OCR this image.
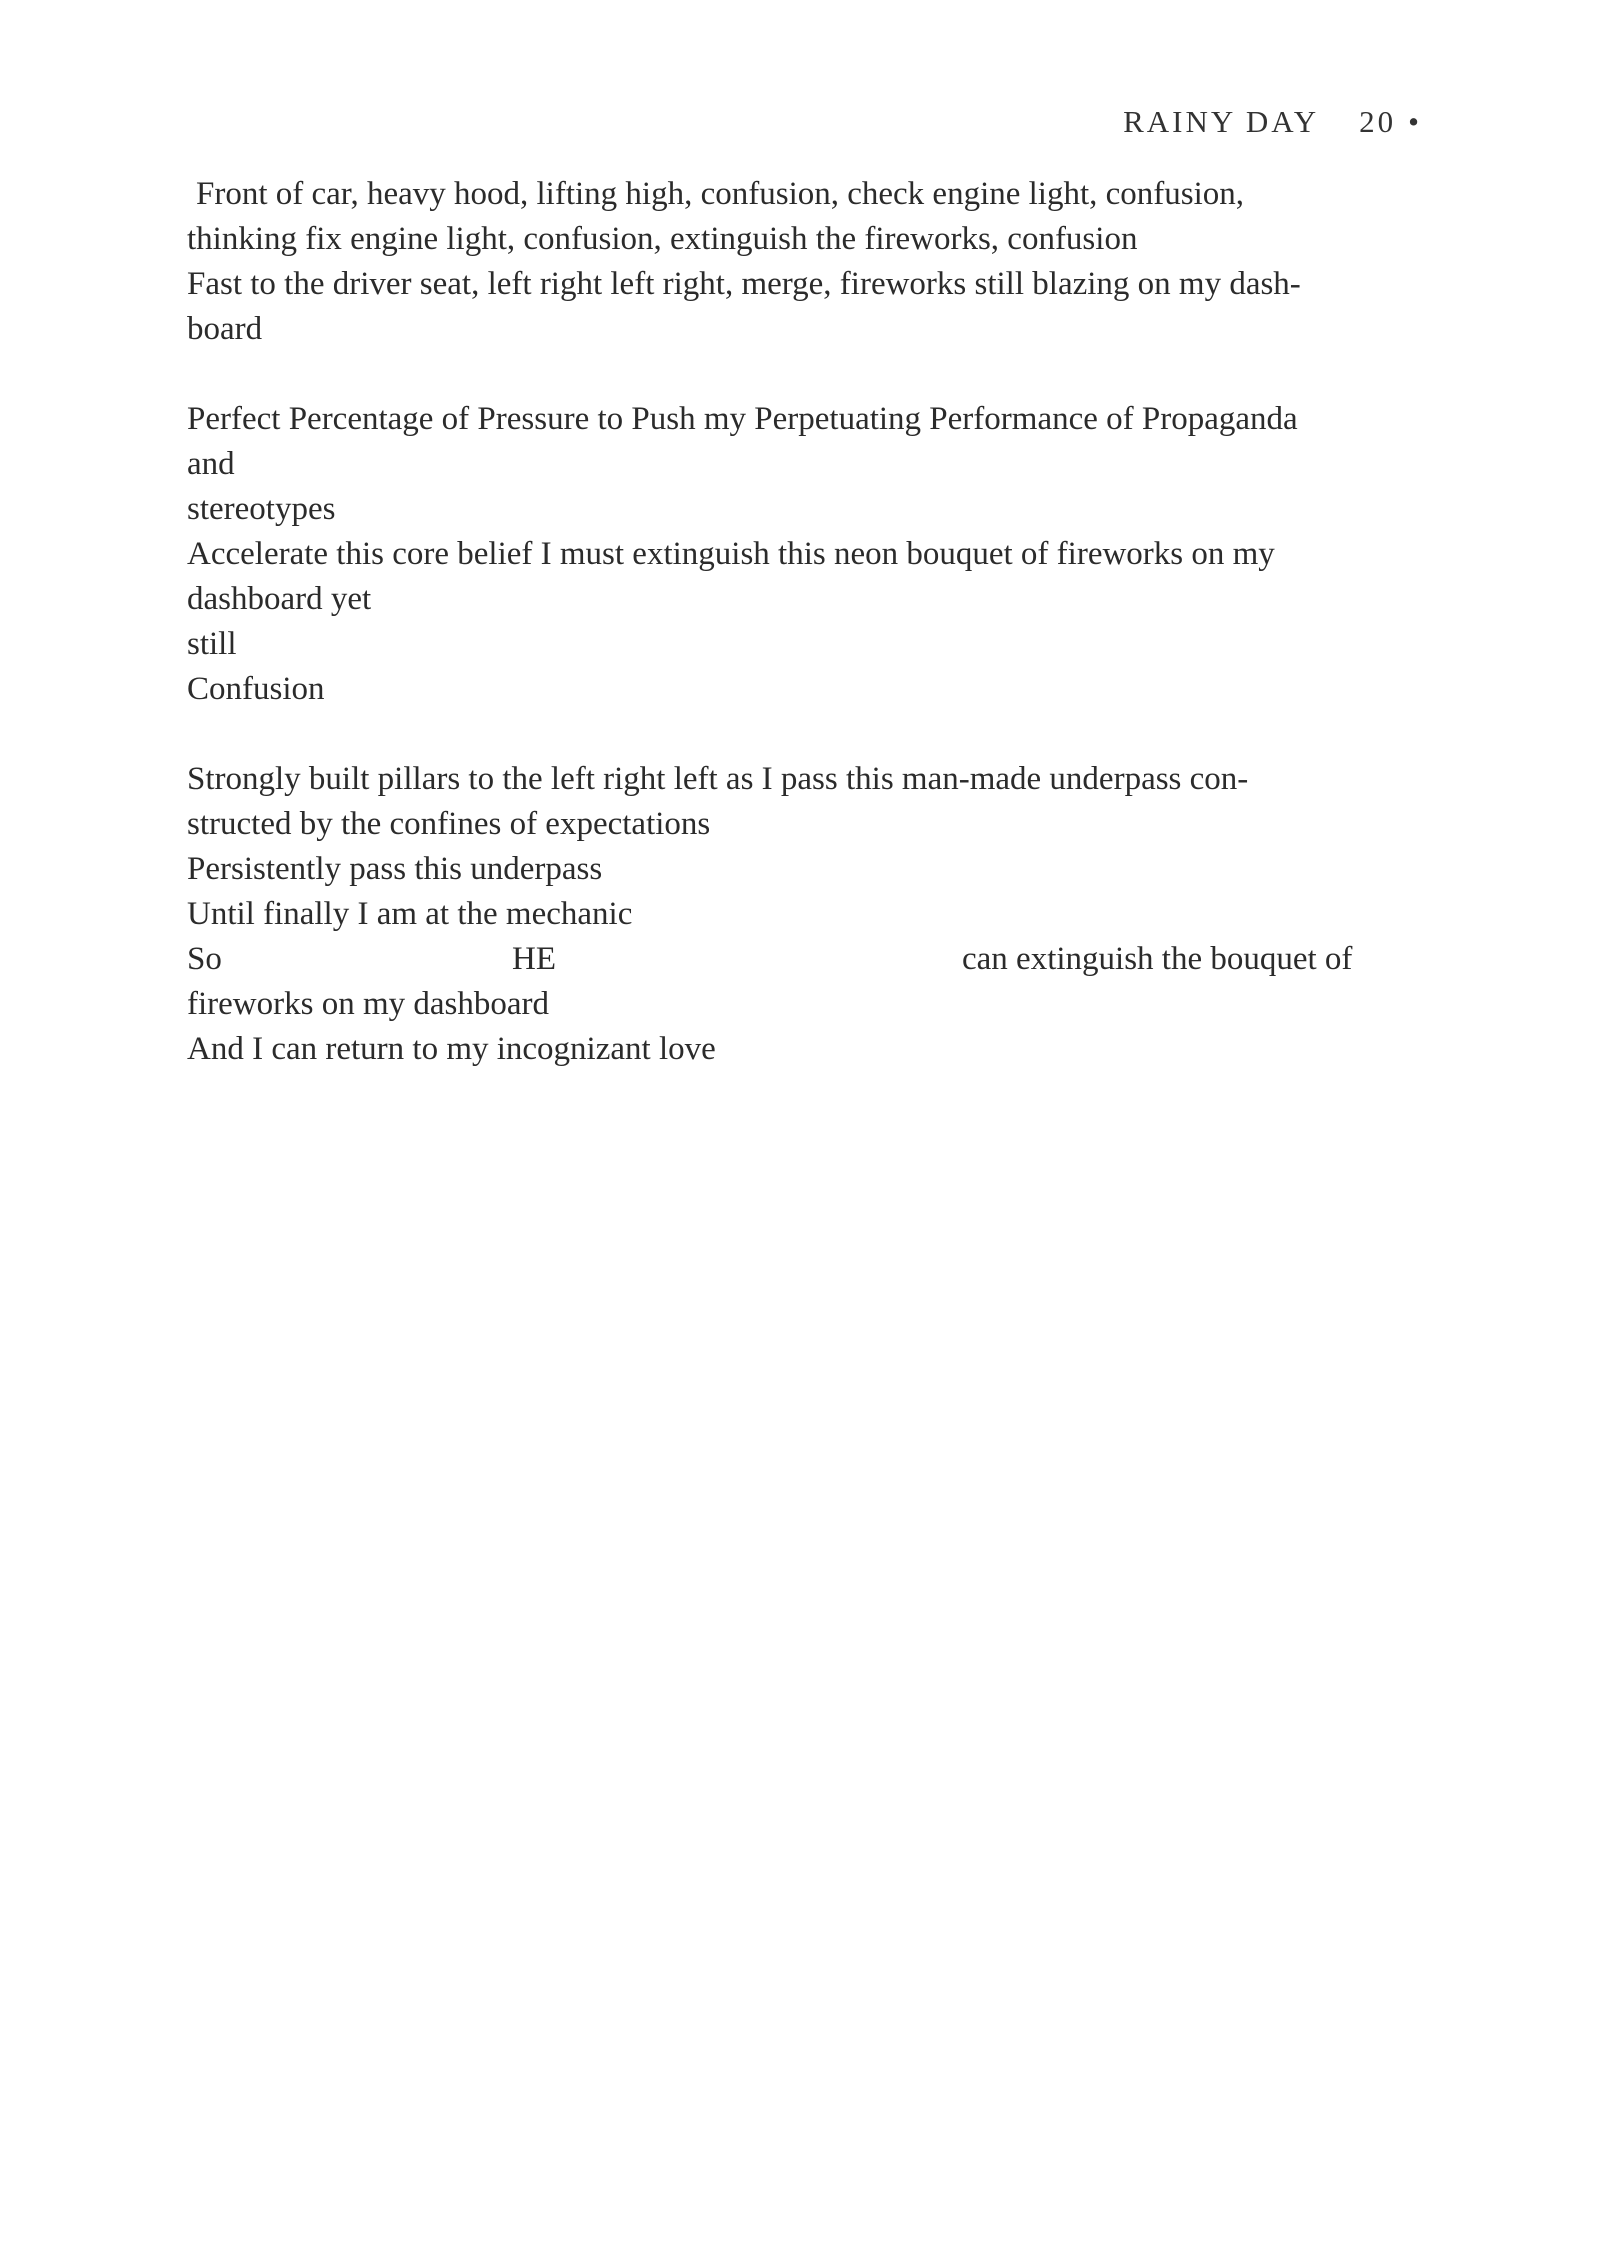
RAINY DAY 20 •
Front of car, heavy hood, lifting high, confusion, check engine light, confusion,
thinking fix engine light, confusion, extinguish the fireworks, confusion
Fast to the driver seat, left right left right, merge, fireworks still blazing on my dash-
board
Perfect Percentage of Pressure to Push my Perpetuating Performance of Propaganda
and
stereotypes
Accelerate this core belief I must extinguish this neon bouquet of fireworks on my
dashboard yet
still
Confusion
Strongly built pillars to the left right left as I pass this man-made underpass con-
structed by the confines of expectations
Persistently pass this underpass
Until finally I am at the mechanic
So	HE	can extinguish the bouquet of
fireworks on my dashboard
And I can return to my incognizant love
